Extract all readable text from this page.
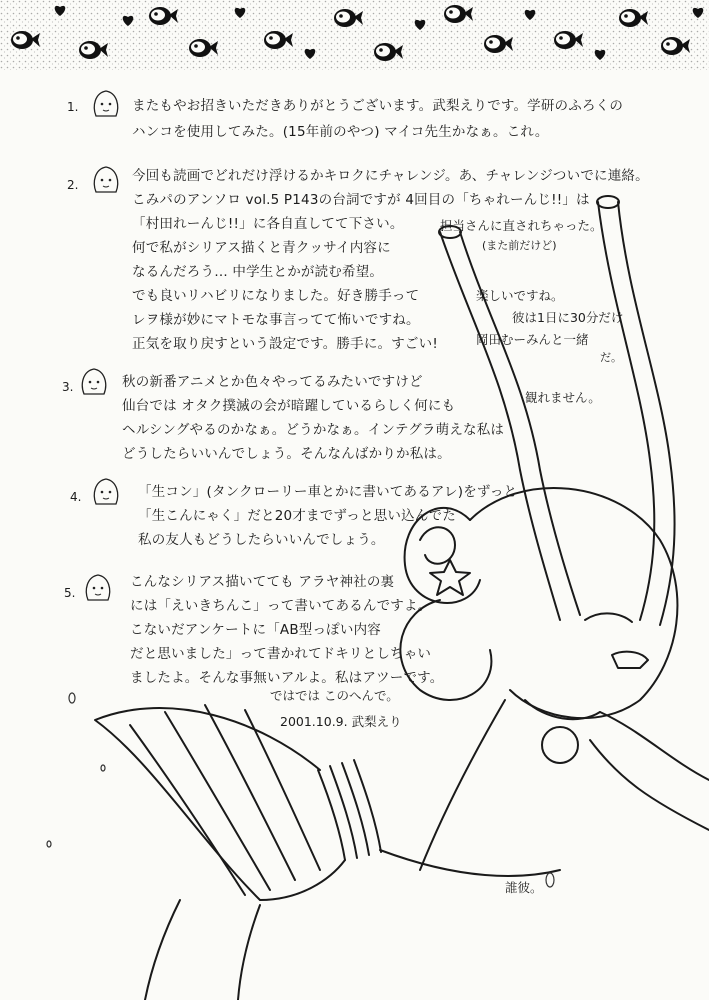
1.	またもやお招きいただきありがとうございます。武梨えりです。学研のふろくの
ハンコを使用してみた。(15年前のやつ) マイコ先生かなぁ。これ。
2.
今回も読画でどれだけ浮けるかキロクにチャレンジ。あ、チャレンジついでに連絡。
こみパのアンソロ vol.5 P143の台詞ですが 4回目の「ちゃれーんじ!!」は
「村田れーんじ!!」に各自直してて下さい。
何で私がシリアス描くと青クッサイ内容に
なるんだろう… 中学生とかが読む希望。
でも良いリハビリになりました。好き勝手って
レヲ様が妙にマトモな事言ってて怖いですね。
正気を取り戻すという設定です。勝手に。すごい!
担当さんに直されちゃった。
(また前だけど)
楽しいですね。
彼は1日に30分だけ
岡田むーみんと一緒
だ。
3.	秋の新番アニメとか色々やってるみたいですけど
仙台では オタク撲滅の会が暗躍しているらしく何にも
ヘルシングやるのかなぁ。どうかなぁ。インテグラ萌えな私は
どうしたらいいんでしょう。そんなんばかりか私は。
観れません。
4.	「生コン」(タンクローリー車とかに書いてあるアレ)をずっと
「生こんにゃく」だと20才までずっと思い込んでた
私の友人もどうしたらいいんでしょう。
5.
こんなシリアス描いてても アラヤ神社の裏
には「えいきちんこ」って書いてあるんですよ。
こないだアンケートに「AB型っぽい内容
だと思いました」って書かれてドキリとしちゃい
ましたよ。そんな事無いアルよ。私はアツーです。
ではでは このへんで。
2001.10.9. 武梨えり
誰彼。
